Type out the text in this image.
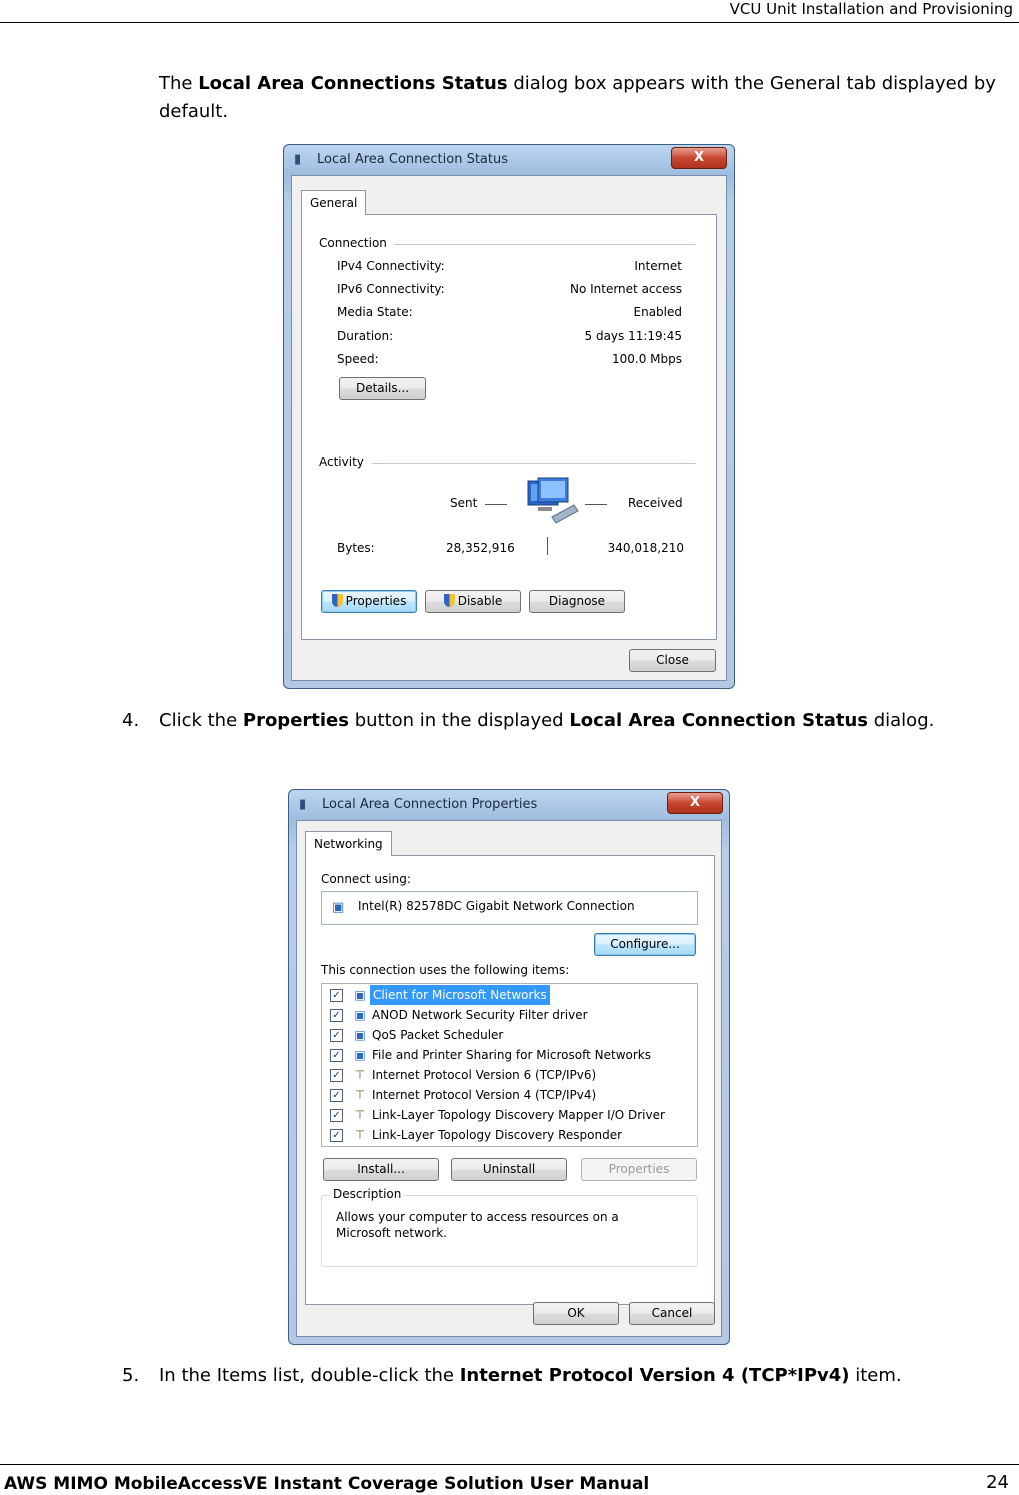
VCU Unit Installation and Provisioning
The Local Area Connections Status dialog box appears with the General tab displayed by default.
▮	Local Area Connection Status	X
General
Connection
IPv4 Connectivity:	Internet
IPv6 Connectivity:	No Internet access
Media State:	Enabled
Duration:	5 days 11:19:45
Speed:	100.0 Mbps
Details...
Activity
Sent	Received
Bytes:	28,352,916	340,018,210
Properties	Disable	Diagnose
Close
4. Click the Properties button in the displayed Local Area Connection Status dialog.
▮	Local Area Connection Properties	X
Networking
Connect using:
▣ Intel(R) 82578DC Gigabit Network Connection
Configure...
This connection uses the following items:
✓ ▣ Client for Microsoft Networks
✓ ▣ ANOD Network Security Filter driver
✓ ▣ QoS Packet Scheduler
✓ ▣ File and Printer Sharing for Microsoft Networks
✓ ⊤ Internet Protocol Version 6 (TCP/IPv6)
✓ ⊤ Internet Protocol Version 4 (TCP/IPv4)
✓ ⊤ Link-Layer Topology Discovery Mapper I/O Driver
✓ ⊤ Link-Layer Topology Discovery Responder
Install...	Uninstall	Properties
Description
Allows your computer to access resources on a Microsoft network.
OK	Cancel
5. In the Items list, double-click the Internet Protocol Version 4 (TCP*IPv4) item.
AWS MIMO MobileAccessVE Instant Coverage Solution User Manual	24
